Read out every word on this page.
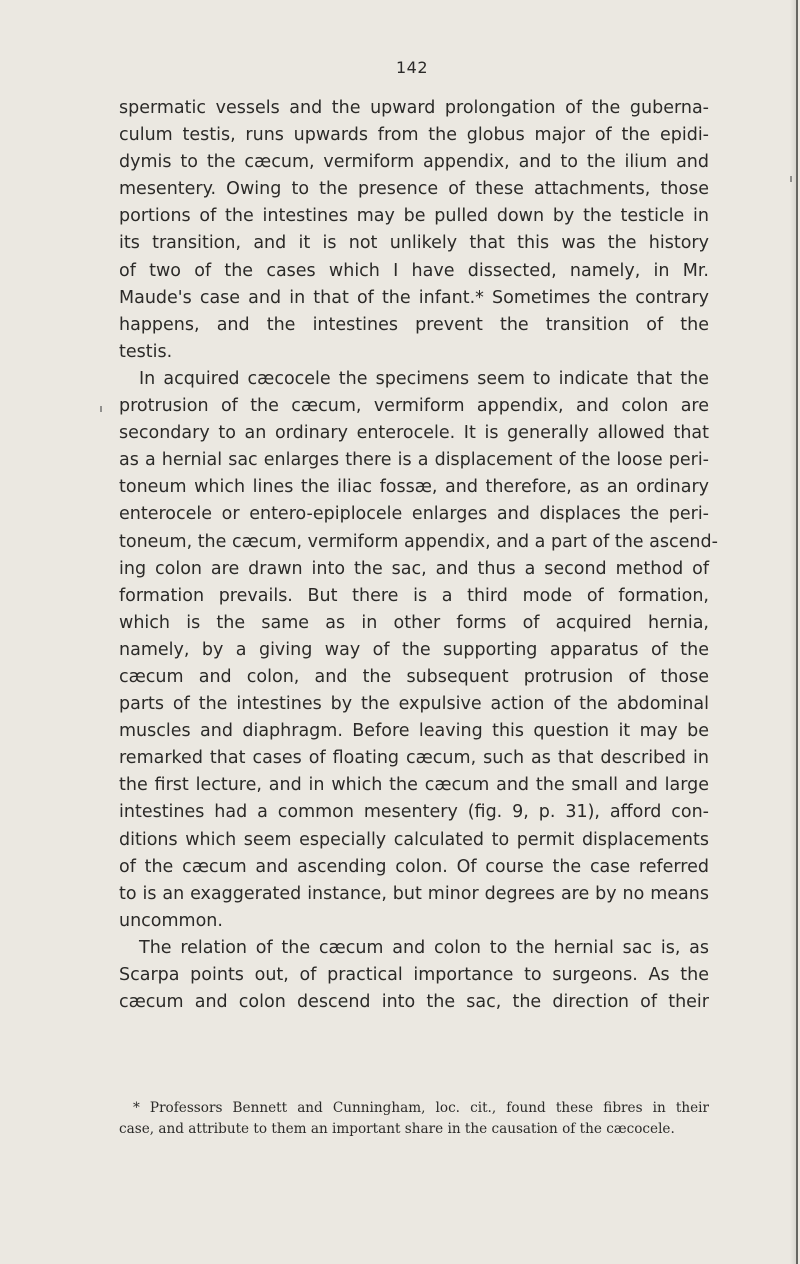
142
spermatic vessels and the upward prolongation of the guberna-
culum testis, runs upwards from the globus major of the epidi-
dymis to the cæcum, vermiform appendix, and to the ilium and
mesentery. Owing to the presence of these attachments, those
portions of the intestines may be pulled down by the testicle in
its transition, and it is not unlikely that this was the history
of two of the cases which I have dissected, namely, in Mr.
Maude's case and in that of the infant.* Sometimes the contrary
happens, and the intestines prevent the transition of the
testis.
In acquired cæcocele the specimens seem to indicate that the
protrusion of the cæcum, vermiform appendix, and colon are
secondary to an ordinary enterocele. It is generally allowed that
as a hernial sac enlarges there is a displacement of the loose peri-
toneum which lines the iliac fossæ, and therefore, as an ordinary
enterocele or entero-epiplocele enlarges and displaces the peri-
toneum, the cæcum, vermiform appendix, and a part of the ascend-
ing colon are drawn into the sac, and thus a second method of
formation prevails. But there is a third mode of formation,
which is the same as in other forms of acquired hernia,
namely, by a giving way of the supporting apparatus of the
cæcum and colon, and the subsequent protrusion of those
parts of the intestines by the expulsive action of the abdominal
muscles and diaphragm. Before leaving this question it may be
remarked that cases of floating cæcum, such as that described in
the first lecture, and in which the cæcum and the small and large
intestines had a common mesentery (fig. 9, p. 31), afford con-
ditions which seem especially calculated to permit displacements
of the cæcum and ascending colon. Of course the case referred
to is an exaggerated instance, but minor degrees are by no means
uncommon.
The relation of the cæcum and colon to the hernial sac is, as
Scarpa points out, of practical importance to surgeons. As the
cæcum and colon descend into the sac, the direction of their
* Professors Bennett and Cunningham, loc. cit., found these fibres in their
case, and attribute to them an important share in the causation of the cæcocele.
